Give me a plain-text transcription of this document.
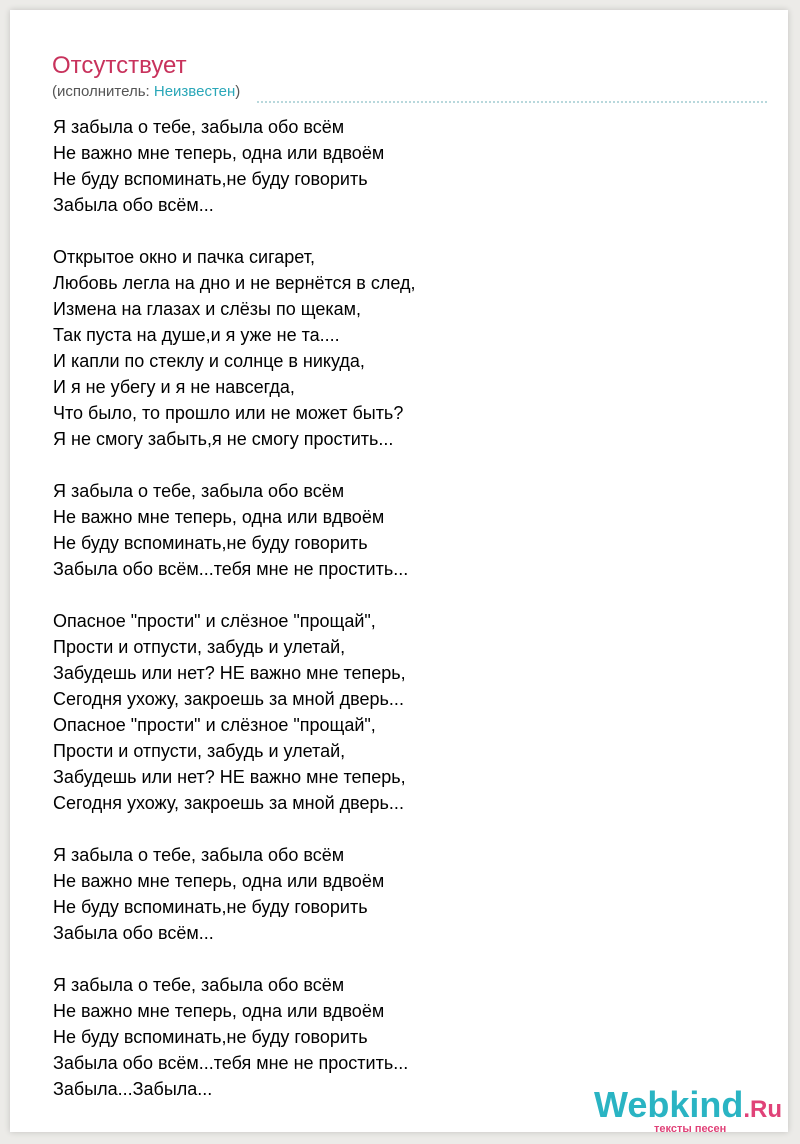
Отсутствует
(исполнитель: Неизвестен)
Я забыла о тебе, забыла обо всём
Не важно мне теперь, одна или вдвоём
Не буду вспоминать,не буду говорить
Забыла обо всём...
Открытое окно и пачка сигарет,
Любовь легла на дно и не вернётся в след,
Измена на глазах и слёзы по щекам,
Так пуста на душе,и я уже не та....
И капли по стеклу и солнце в никуда,
И я не убегу и я не навсегда,
Что было, то прошло или не может быть?
Я не смогу забыть,я не смогу простить...
Я забыла о тебе, забыла обо всём
Не важно мне теперь, одна или вдвоём
Не буду вспоминать,не буду говорить
Забыла обо всём...тебя мне не простить...
Опасное "прости" и слёзное "прощай",
Прости и отпусти, забудь и улетай,
Забудешь или нет? НЕ важно мне теперь,
Сегодня ухожу, закроешь за мной дверь...
Опасное "прости" и слёзное "прощай",
Прости и отпусти, забудь и улетай,
Забудешь или нет? НЕ важно мне теперь,
Сегодня ухожу, закроешь за мной дверь...
Я забыла о тебе, забыла обо всём
Не важно мне теперь, одна или вдвоём
Не буду вспоминать,не буду говорить
Забыла обо всём...
Я забыла о тебе, забыла обо всём
Не важно мне теперь, одна или вдвоём
Не буду вспоминать,не буду говорить
Забыла обо всём...тебя мне не простить...
Забыла...Забыла...	Webkind.Ru
тексты песен
